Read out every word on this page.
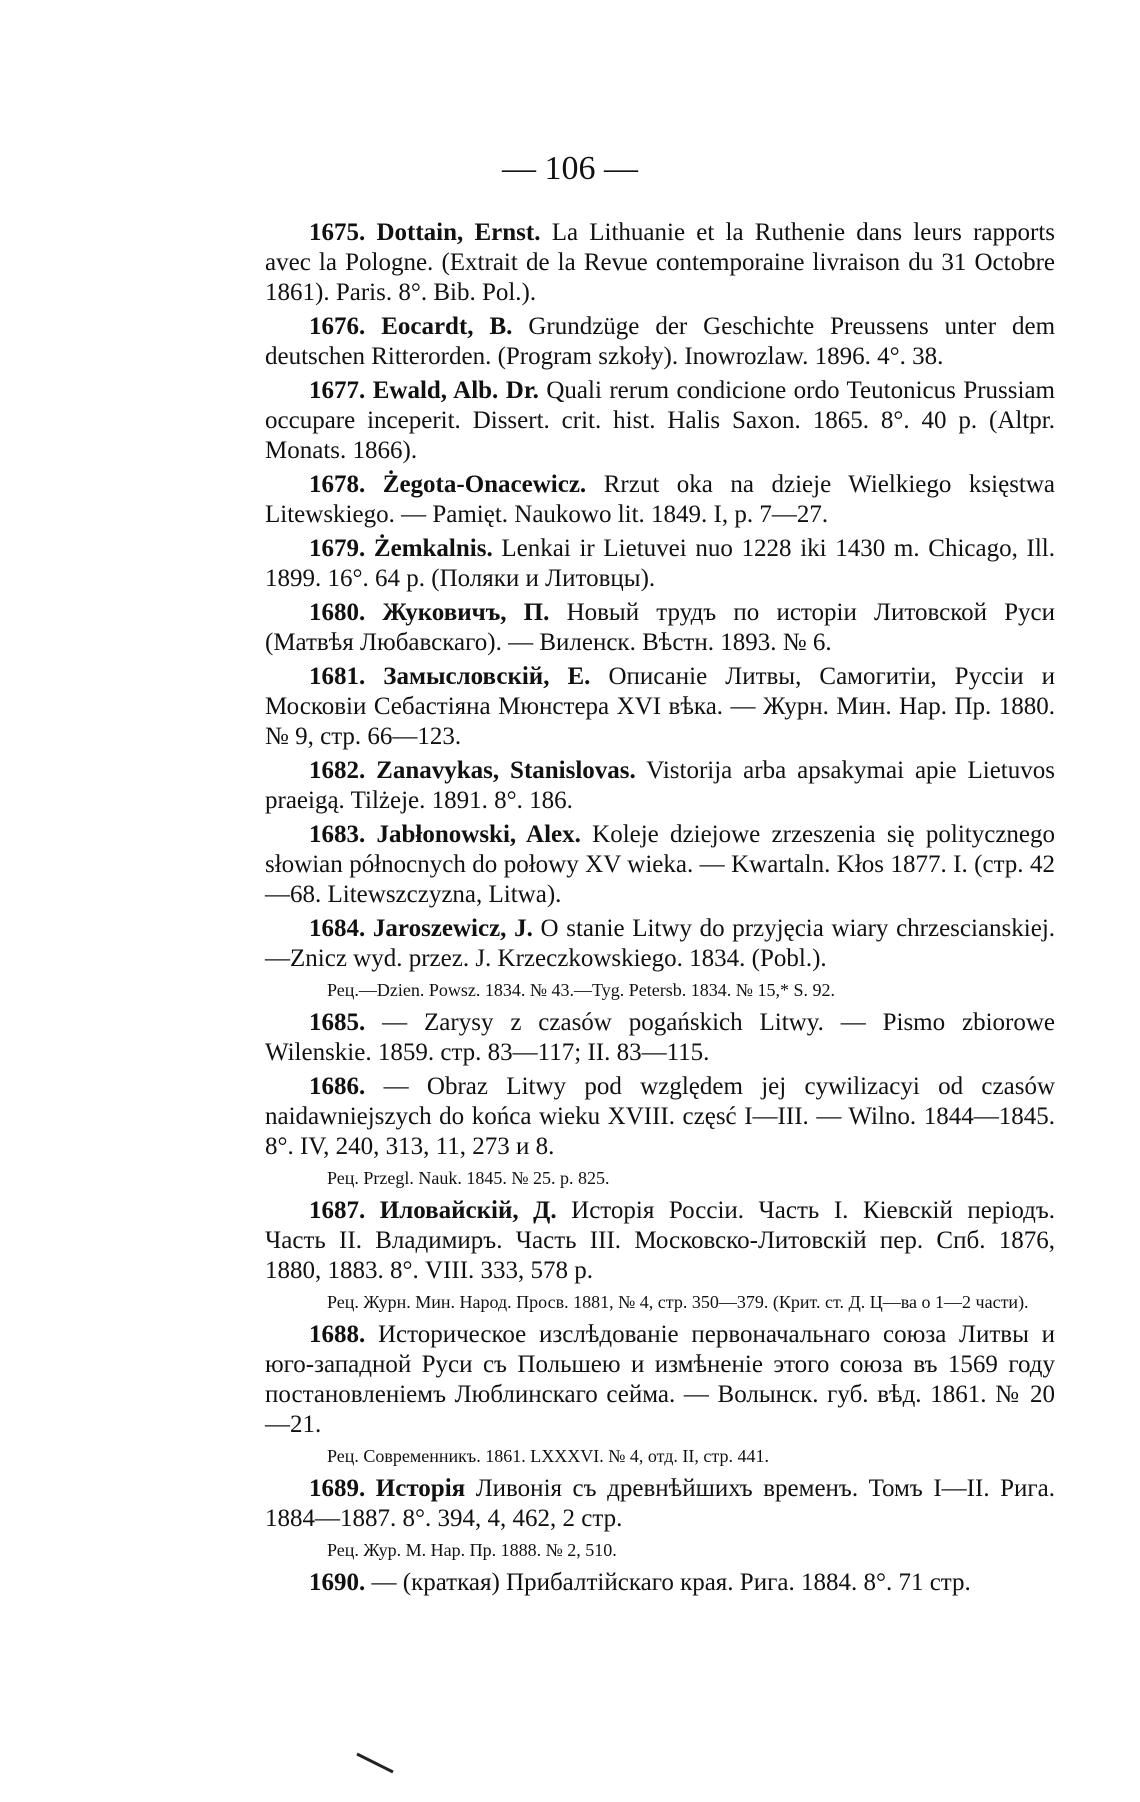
— 106 —

1675. Dottain, Ernst. La Lithuanie et la Ruthenie dans leurs rapports avec la Pologne. (Extrait de la Revue contemporaine livraison du 31 Octobre 1861). Paris. 8°. Bib. Pol.).

1676. Eocardt, B. Grundzüge der Geschichte Preussens unter dem deutschen Ritterorden. (Program szkoły). Inowrozlaw. 1896. 4°. 38.

1677. Ewald, Alb. Dr. Quali rerum condicione ordo Teutonicus Prussiam occupare inceperit. Dissert. crit. hist. Halis Saxon. 1865. 8°. 40 p. (Altpr. Monats. 1866).

1678. Żegota-Onacewicz. Rrzut oka na dzieje Wielkiego księstwa Litewskiego. — Pamięt. Naukowo lit. 1849. I, p. 7—27.

1679. Żemkalnis. Lenkai ir Lietuvei nuo 1228 iki 1430 m. Chicago, Ill. 1899. 16°. 64 p. (Поляки и Литовцы).

1680. Жуковичъ, П. Новый трудъ по исторіи Литовской Руси (Матвѣя Любавскаго). — Виленск. Вѣстн. 1893. № 6.

1681. Замысловскій, Е. Описаніе Литвы, Самогитіи, Руссіи и Московіи Себастіяна Мюнстера XVI вѣка. — Журн. Мин. Нар. Пр. 1880. № 9, стр. 66—123.

1682. Zanavykas, Stanislovas. Vistorija arba apsakymai apie Lietuvos praeigą. Tilżeje. 1891. 8°. 186.

1683. Jabłonowski, Alex. Koleje dziejowe zrzeszenia się politycznego słowian północnych do połowy XV wieka. — Kwartaln. Kłos 1877. I. (стр. 42—68. Litewszczyzna, Litwa).

1684. Jaroszewicz, J. O stanie Litwy do przyjęcia wiary chrzescianskiej.—Znicz wyd. przez. J. Krzeczkowskiego. 1834. (Pobl.).

Рец.—Dzien. Powsz. 1834. № 43.—Tyg. Petersb. 1834. № 15,* S. 92.

1685. — Zarysy z czasów pogańskich Litwy. — Pismo zbiorowe Wilenskie. 1859. стр. 83—117; II. 83—115.

1686. — Obraz Litwy pod względem jej cywilizacyi od czasów naidawniejszych do końca wieku XVIII. częsć I—III. — Wilno. 1844—1845. 8°. IV, 240, 313, 11, 273 и 8.

Рец. Przegl. Nauk. 1845. № 25. p. 825.

1687. Иловайскій, Д. Исторія Россіи. Часть I. Кіевскій періодъ. Часть II. Владимиръ. Часть III. Московско-Литовскій пер. Спб. 1876, 1880, 1883. 8°. VIII. 333, 578 р.

Рец. Журн. Мин. Народ. Просв. 1881, № 4, стр. 350—379. (Крит. ст. Д. Ц—ва о 1—2 части).

1688. Историческое изслѣдованіе первоначальнаго союза Литвы и юго-западной Руси съ Польшею и измѣненіе этого союза въ 1569 году постановленіемъ Люблинскаго сейма. — Волынск. губ. вѣд. 1861. № 20—21.

Рец. Современникъ. 1861. LXXXVI. № 4, отд. II, стр. 441.

1689. Исторія Ливонія съ древнѣйшихъ временъ. Томъ I—II. Рига. 1884—1887. 8°. 394, 4, 462, 2 стр.

Рец. Жур. М. Нар. Пр. 1888. № 2, 510.

1690. — (краткая) Прибалтійскаго края. Рига. 1884. 8°. 71 стр.
